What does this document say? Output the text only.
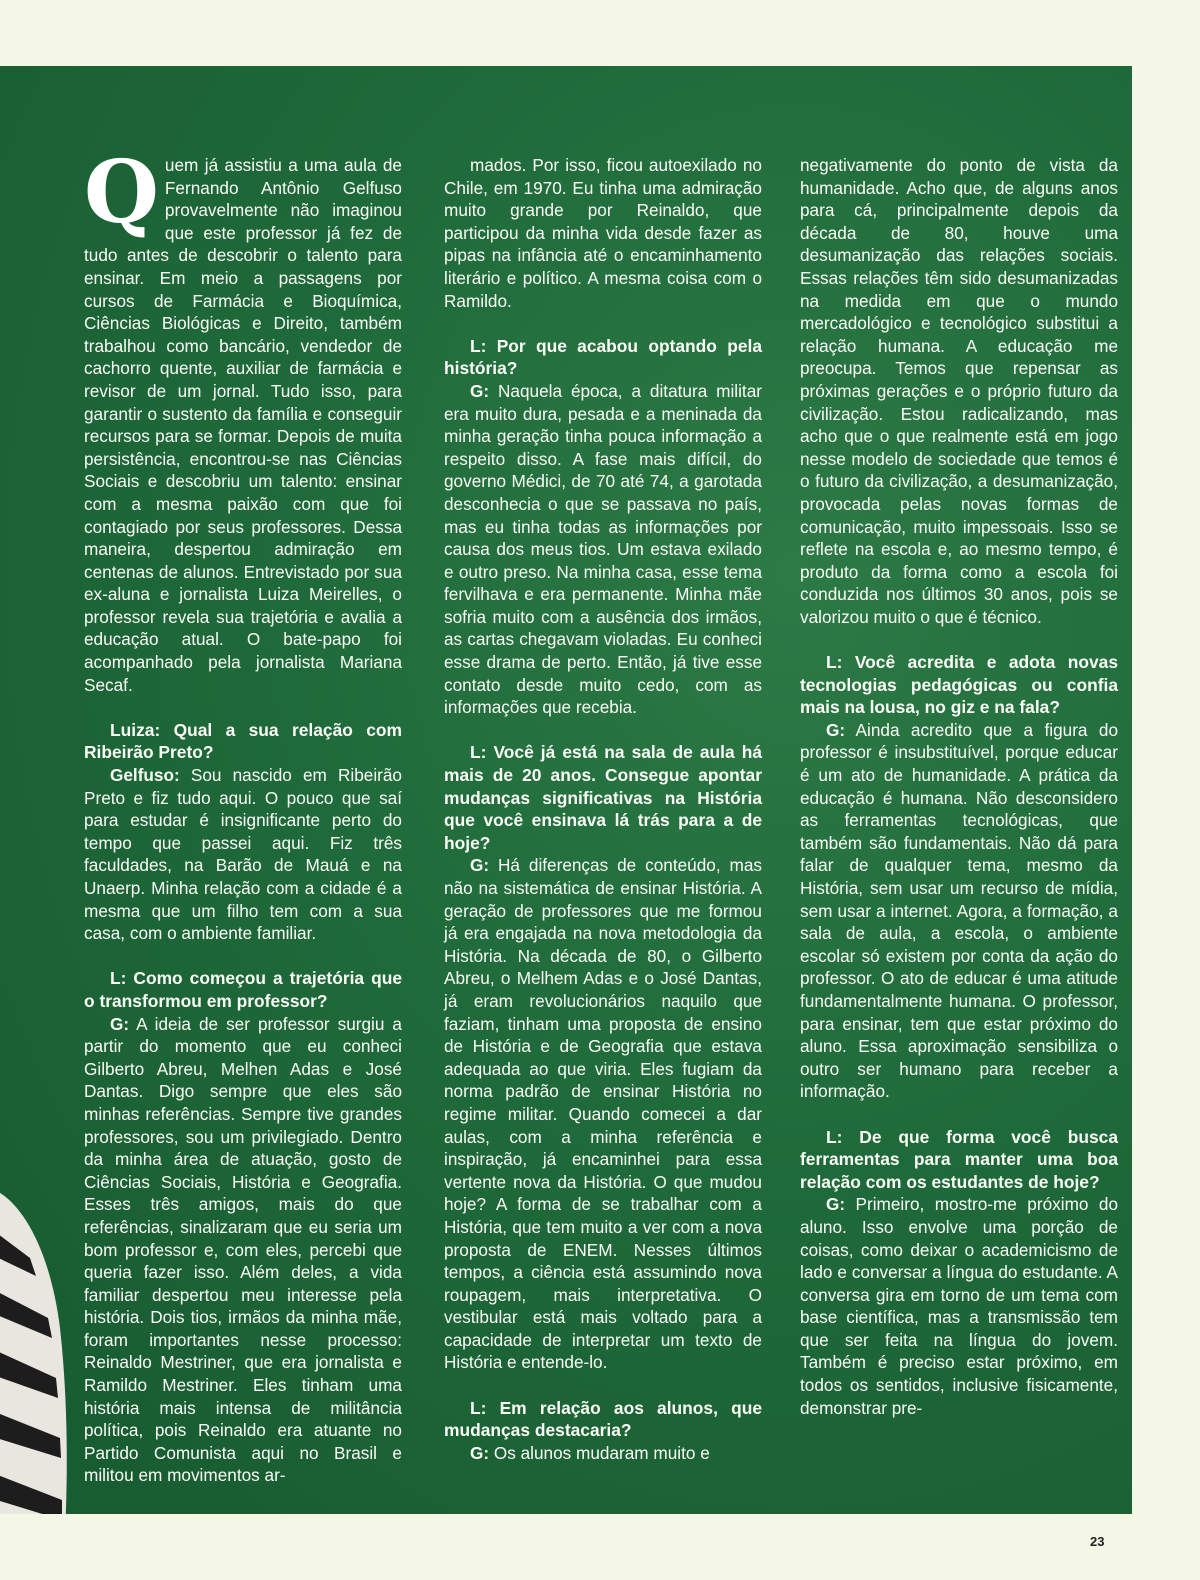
Quem já assistiu a uma aula de Fernando Antônio Gelfuso provavelmente não imaginou que este professor já fez de tudo antes de descobrir o talento para ensinar. Em meio a passagens por cursos de Farmácia e Bioquímica, Ciências Biológicas e Direito, também trabalhou como bancário, vendedor de cachorro quente, auxiliar de farmácia e revisor de um jornal. Tudo isso, para garantir o sustento da família e conseguir recursos para se formar. Depois de muita persistência, encontrou-se nas Ciências Sociais e descobriu um talento: ensinar com a mesma paixão com que foi contagiado por seus professores. Dessa maneira, despertou admiração em centenas de alunos. Entrevistado por sua ex-aluna e jornalista Luiza Meirelles, o professor revela sua trajetória e avalia a educação atual. O bate-papo foi acompanhado pela jornalista Mariana Secaf.

Luiza: Qual a sua relação com Ribeirão Preto?

Gelfuso: Sou nascido em Ribeirão Preto e fiz tudo aqui. O pouco que saí para estudar é insignificante perto do tempo que passei aqui. Fiz três faculdades, na Barão de Mauá e na Unaerp. Minha relação com a cidade é a mesma que um filho tem com a sua casa, com o ambiente familiar.

L: Como começou a trajetória que o transformou em professor?

G: A ideia de ser professor surgiu a partir do momento que eu conheci Gilberto Abreu, Melhen Adas e José Dantas. Digo sempre que eles são minhas referências. Sempre tive grandes professores, sou um privilegiado. Dentro da minha área de atuação, gosto de Ciências Sociais, História e Geografia. Esses três amigos, mais do que referências, sinalizaram que eu seria um bom professor e, com eles, percebi que queria fazer isso. Além deles, a vida familiar despertou meu interesse pela história. Dois tios, irmãos da minha mãe, foram importantes nesse processo: Reinaldo Mestriner, que era jornalista e Ramildo Mestriner. Eles tinham uma história mais intensa de militância política, pois Reinaldo era atuante no Partido Comunista aqui no Brasil e militou em movimentos ar-

mados. Por isso, ficou autoexilado no Chile, em 1970. Eu tinha uma admiração muito grande por Reinaldo, que participou da minha vida desde fazer as pipas na infância até o encaminhamento literário e político. A mesma coisa com o Ramildo.

L: Por que acabou optando pela história?

G: Naquela época, a ditatura militar era muito dura, pesada e a meninada da minha geração tinha pouca informação a respeito disso. A fase mais difícil, do governo Médici, de 70 até 74, a garotada desconhecia o que se passava no país, mas eu tinha todas as informações por causa dos meus tios. Um estava exilado e outro preso. Na minha casa, esse tema fervilhava e era permanente. Minha mãe sofria muito com a ausência dos irmãos, as cartas chegavam violadas. Eu conheci esse drama de perto. Então, já tive esse contato desde muito cedo, com as informações que recebia.

L: Você já está na sala de aula há mais de 20 anos. Consegue apontar mudanças significativas na História que você ensinava lá trás para a de hoje?

G: Há diferenças de conteúdo, mas não na sistemática de ensinar História. A geração de professores que me formou já era engajada na nova metodologia da História. Na década de 80, o Gilberto Abreu, o Melhem Adas e o José Dantas, já eram revolucionários naquilo que faziam, tinham uma proposta de ensino de História e de Geografia que estava adequada ao que viria. Eles fugiam da norma padrão de ensinar História no regime militar. Quando comecei a dar aulas, com a minha referência e inspiração, já encaminhei para essa vertente nova da História. O que mudou hoje? A forma de se trabalhar com a História, que tem muito a ver com a nova proposta de ENEM. Nesses últimos tempos, a ciência está assumindo nova roupagem, mais interpretativa. O vestibular está mais voltado para a capacidade de interpretar um texto de História e entende-lo.

L: Em relação aos alunos, que mudanças destacaria?

G: Os alunos mudaram muito e

negativamente do ponto de vista da humanidade. Acho que, de alguns anos para cá, principalmente depois da década de 80, houve uma desumanização das relações sociais. Essas relações têm sido desumanizadas na medida em que o mundo mercadológico e tecnológico substitui a relação humana. A educação me preocupa. Temos que repensar as próximas gerações e o próprio futuro da civilização. Estou radicalizando, mas acho que o que realmente está em jogo nesse modelo de sociedade que temos é o futuro da civilização, a desumanização, provocada pelas novas formas de comunicação, muito impessoais. Isso se reflete na escola e, ao mesmo tempo, é produto da forma como a escola foi conduzida nos últimos 30 anos, pois se valorizou muito o que é técnico.

L: Você acredita e adota novas tecnologias pedagógicas ou confia mais na lousa, no giz e na fala?

G: Ainda acredito que a figura do professor é insubstituível, porque educar é um ato de humanidade. A prática da educação é humana. Não desconsidero as ferramentas tecnológicas, que também são fundamentais. Não dá para falar de qualquer tema, mesmo da História, sem usar um recurso de mídia, sem usar a internet. Agora, a formação, a sala de aula, a escola, o ambiente escolar só existem por conta da ação do professor. O ato de educar é uma atitude fundamentalmente humana. O professor, para ensinar, tem que estar próximo do aluno. Essa aproximação sensibiliza o outro ser humano para receber a informação.

L: De que forma você busca ferramentas para manter uma boa relação com os estudantes de hoje?

G: Primeiro, mostro-me próximo do aluno. Isso envolve uma porção de coisas, como deixar o academicismo de lado e conversar a língua do estudante. A conversa gira em torno de um tema com base científica, mas a transmissão tem que ser feita na língua do jovem. Também é preciso estar próximo, em todos os sentidos, inclusive fisicamente, demonstrar pre-

23
